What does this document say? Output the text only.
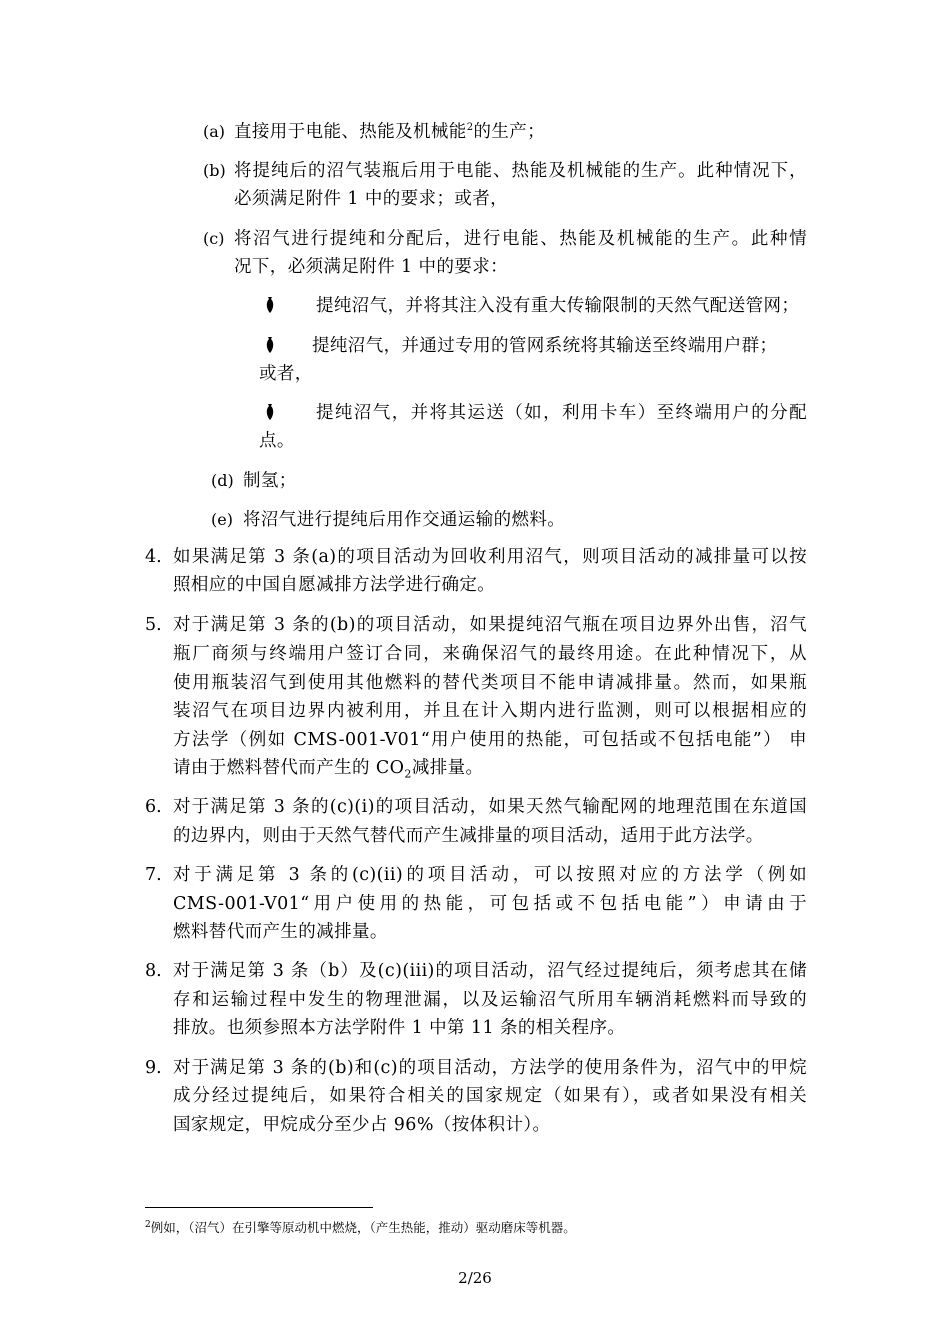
(a) 直接用于电能、热能及机械能$^2$的生产；
(b) 将提纯后的沼气装瓶后用于电能、热能及机械能的生产。此种情况下，
必须满足附件 1 中的要求；或者，
(c) 将沼气进行提纯和分配后，进行电能、热能及机械能的生产。此种情
况下，必须满足附件 1 中的要求：
提纯沼气，并将其注入没有重大传输限制的天然气配送管网；
提纯沼气，并通过专用的管网系统将其输送至终端用户群；
或者，
提纯沼气，并将其运送（如，利用卡车）至终端用户的分配
点。
(d) 制氢；
(e) 将沼气进行提纯后用作交通运输的燃料。
4. 如果满足第 3 条(a)的项目活动为回收利用沼气，则项目活动的减排量可以按
照相应的中国自愿减排方法学进行确定。
5. 对于满足第 3 条的(b)的项目活动，如果提纯沼气瓶在项目边界外出售，沼气
瓶厂商须与终端用户签订合同，来确保沼气的最终用途。在此种情况下，从
使用瓶装沼气到使用其他燃料的替代类项目不能申请减排量。然而，如果瓶
装沼气在项目边界内被利用，并且在计入期内进行监测，则可以根据相应的
方法学（例如 CMS-001-V01“用户使用的热能，可包括或不包括电能”） 申
请由于燃料替代而产生的 $CO_2$减排量。
6. 对于满足第 3 条的(c)(i)的项目活动，如果天然气输配网的地理范围在东道国
的边界内，则由于天然气替代而产生减排量的项目活动，适用于此方法学。
7. 对于满足第 3 条的(c)(ii)的项目活动，可以按照对应的方法学（例如
CMS-001-V01“用户使用的热能，可包括或不包括电能”）申请由于
燃料替代而产生的减排量。
8. 对于满足第 3 条（b）及(c)(iii)的项目活动，沼气经过提纯后，须考虑其在储
存和运输过程中发生的物理泄漏，以及运输沼气所用车辆消耗燃料而导致的
排放。也须参照本方法学附件 1 中第 11 条的相关程序。
9. 对于满足第 3 条的(b)和(c)的项目活动，方法学的使用条件为，沼气中的甲烷
成分经过提纯后，如果符合相关的国家规定（如果有），或者如果没有相关
国家规定，甲烷成分至少占 96%（按体积计）。
$^2$例如，（沼气）在引擎等原动机中燃烧，（产生热能，推动）驱动磨床等机器。
2/26
